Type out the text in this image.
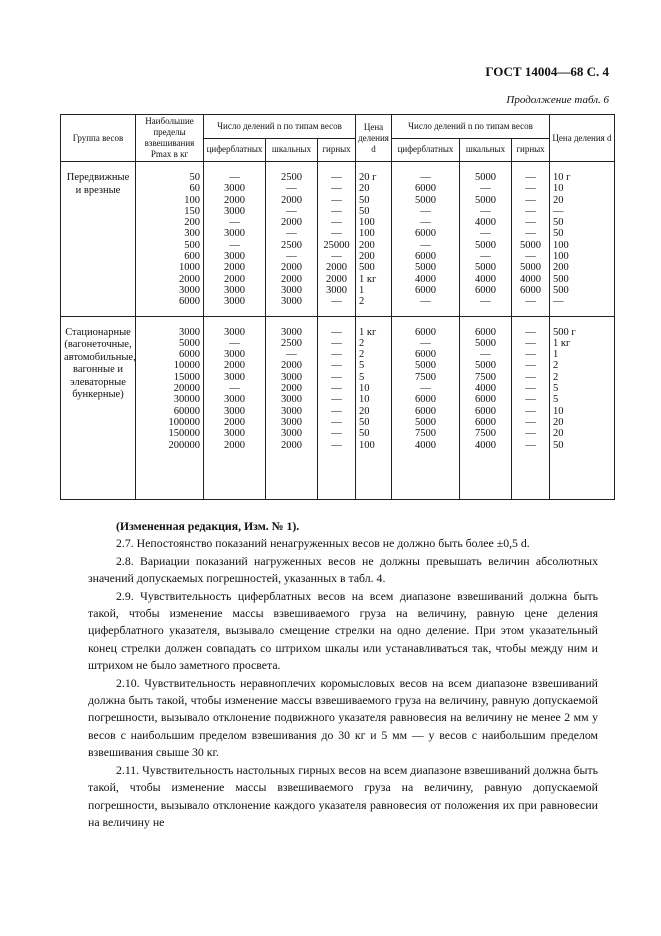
ГОСТ 14004—68 С. 4
Продолжение табл. 6
Группа весов	Наибольшие пределы взвешивания Pmax в кг	Число делений n по типам весов			Цена деления d	Число делений n по типам весов			Цена деления d
		циферблатных	шкальных	гирных		циферблатных	шкальных	гирных	

Передвижные и врезные	50	—	2500	—	20 г	—	5000	—	10 г
	60	3000	—	—	20	6000	—	—	10
	100	2000	2000	—	50	5000	5000	—	20
	150	3000	—	—	50	—	—	—	—
	200	—	2000	—	100	—	4000	—	50
	300	3000	—	—	100	6000	—	—	50
	500	—	2500	25000	200	—	5000	5000	100
	600	3000	—	—	200	6000	—	—	100
	1000	2000	2000	2000	500	5000	5000	5000	200
	2000	2000	2000	2000	1 кг	4000	4000	4000	500
	3000	3000	3000	3000	1	6000	6000	6000	500
	6000	3000	3000	—	2	—	—	—	—

Стационарные (вагонеточные, автомобильные, вагонные и элеваторные бункерные)	3000	3000	3000	—	1 кг	6000	6000	—	500 г
	5000	—	2500	—	2	—	5000	—	1 кг
	6000	3000	—	—	2	6000	—	—	1
	10000	2000	2000	—	5	5000	5000	—	2
	15000	3000	3000	—	5	7500	7500	—	2
	20000	—	2000	—	10	—	4000	—	5
	30000	3000	3000	—	10	6000	6000	—	5
	60000	3000	3000	—	20	6000	6000	—	10
	100000	2000	3000	—	50	5000	6000	—	20
	150000	3000	3000	—	50	7500	7500	—	20
	200000	2000	2000	—	100	4000	4000	—	50

(Измененная редакция, Изм. № 1).

2.7. Непостоянство показаний ненагруженных весов не должно быть более ±0,5 d.

2.8. Вариации показаний нагруженных весов не должны превышать величин абсолютных значений допускаемых погрешностей, указанных в табл. 4.

2.9. Чувствительность циферблатных весов на всем диапазоне взвешиваний должна быть такой, чтобы изменение массы взвешиваемого груза на величину, равную цене деления циферблатного указателя, вызывало смещение стрелки на одно деление. При этом указательный конец стрелки должен совпадать со штрихом шкалы или устанавливаться так, чтобы между ним и штрихом не было заметного просвета.

2.10. Чувствительность неравноплечих коромысловых весов на всем диапазоне взвешиваний должна быть такой, чтобы изменение массы взвешиваемого груза на величину, равную допускаемой погрешности, вызывало отклонение подвижного указателя равновесия на величину не менее 2 мм у весов с наибольшим пределом взвешивания до 30 кг и 5 мм — у весов с наибольшим пределом взвешивания свыше 30 кг.

2.11. Чувствительность настольных гирных весов на всем диапазоне взвешиваний должна быть такой, чтобы изменение массы взвешиваемого груза на величину, равную допускаемой погрешности, вызывало отклонение каждого указателя равновесия от положения их при равновесии на величину не
